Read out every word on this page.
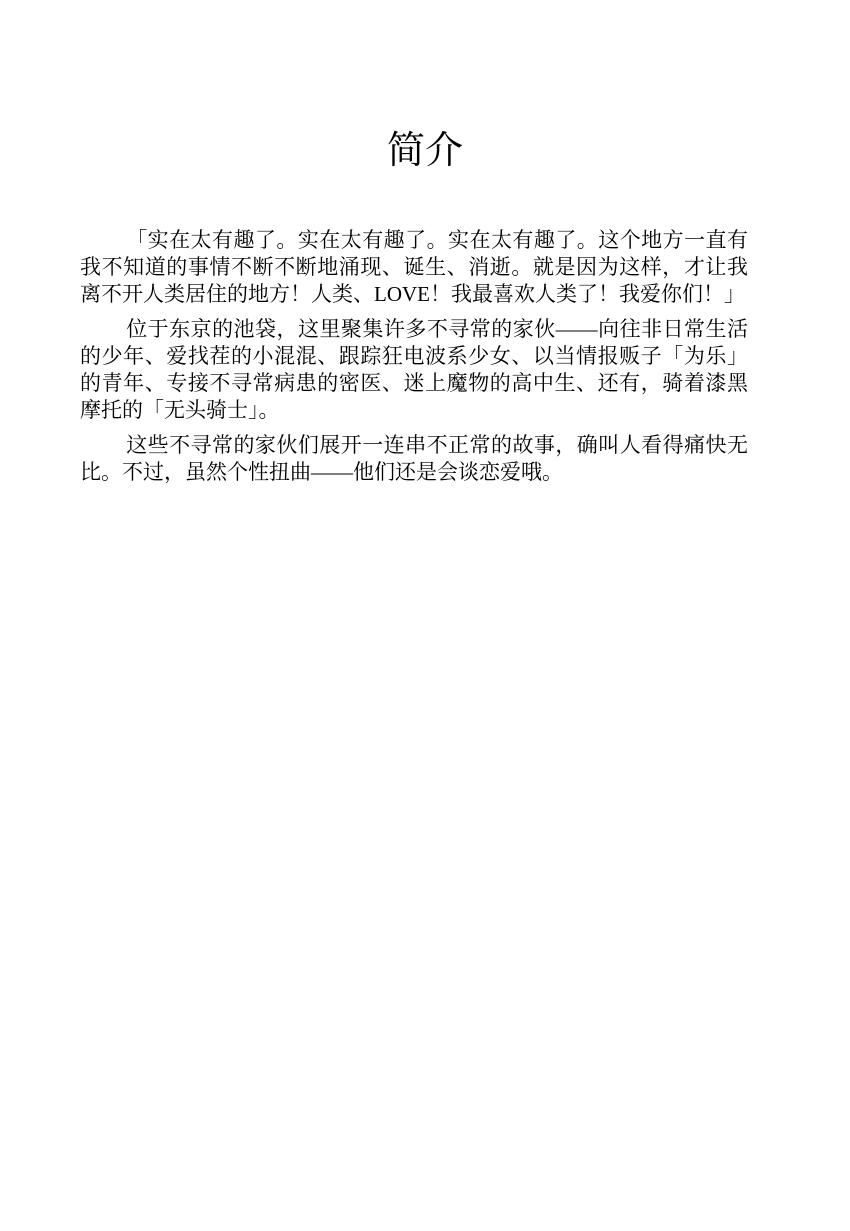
简介

「实在太有趣了。实在太有趣了。实在太有趣了。这个地方一直有我不知道的事情不断不断地涌现、诞生、消逝。就是因为这样，才让我离不开人类居住的地方！人类、LOVE！我最喜欢人类了！我爱你们！」

位于东京的池袋，这里聚集许多不寻常的家伙——向往非日常生活的少年、爱找茬的小混混、跟踪狂电波系少女、以当情报贩子「为乐」的青年、专接不寻常病患的密医、迷上魔物的高中生、还有，骑着漆黑摩托的「无头骑士」。

这些不寻常的家伙们展开一连串不正常的故事，确叫人看得痛快无比。不过，虽然个性扭曲——他们还是会谈恋爱哦。
